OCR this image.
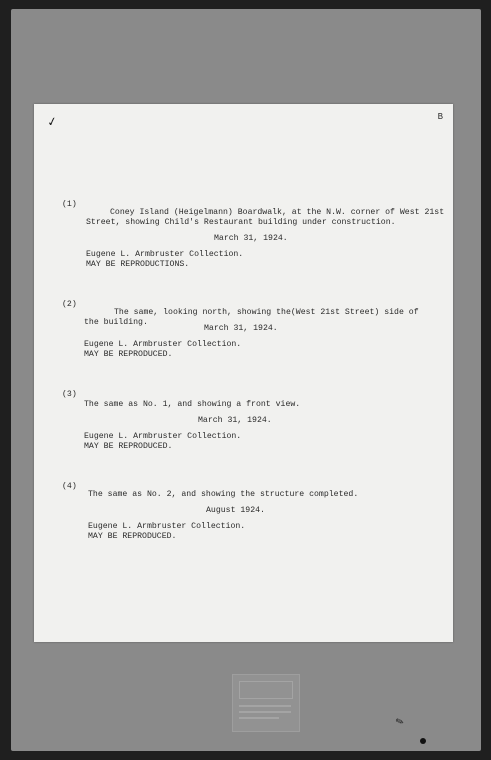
✓	B
(1)
Coney Island (Heigelmann) Boardwalk, at the N.W. corner of West 21st
Street, showing Child's Restaurant building under construction.
March 31, 1924.
Eugene L. Armbruster Collection.
MAY BE REPRODUCTIONS.
(2)
The same, looking north, showing the(West 21st Street) side of
the building.
March 31, 1924.
Eugene L. Armbruster Collection.
MAY BE REPRODUCED.
(3)
The same as No. 1, and showing a front view.
March 31, 1924.
Eugene L. Armbruster Collection.
MAY BE REPRODUCED.
(4)
The same as No. 2, and showing the structure completed.
August 1924.
Eugene L. Armbruster Collection.
MAY BE REPRODUCED.
✎
